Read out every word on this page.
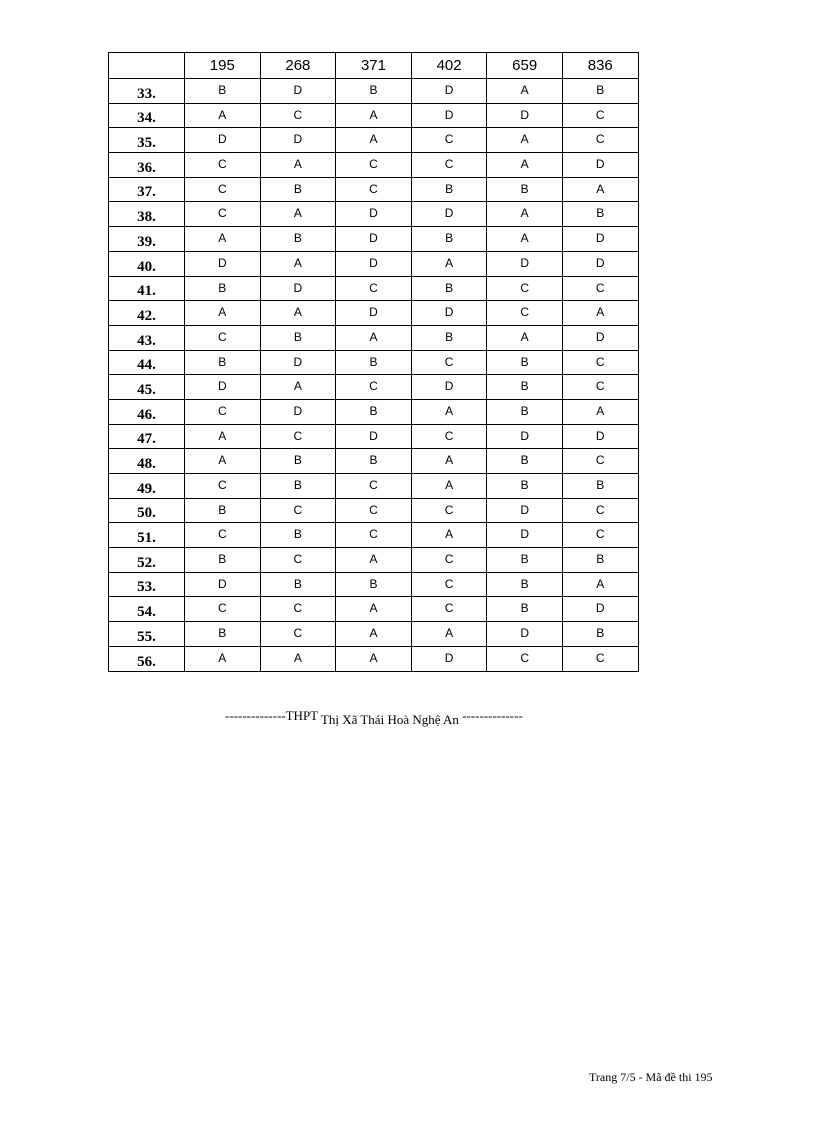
	195	268	371	402	659	836
33.	B	D	B	D	A	B
34.	A	C	A	D	D	C
35.	D	D	A	C	A	C
36.	C	A	C	C	A	D
37.	C	B	C	B	B	A
38.	C	A	D	D	A	B
39.	A	B	D	B	A	D
40.	D	A	D	A	D	D
41.	B	D	C	B	C	C
42.	A	A	D	D	C	A
43.	C	B	A	B	A	D
44.	B	D	B	C	B	C
45.	D	A	C	D	B	C
46.	C	D	B	A	B	A
47.	A	C	D	C	D	D
48.	A	B	B	A	B	C
49.	C	B	C	A	B	B
50.	B	C	C	C	D	C
51.	C	B	C	A	D	C
52.	B	C	A	C	B	B
53.	D	B	B	C	B	A
54.	C	C	A	C	B	D
55.	B	C	A	A	D	B
56.	A	A	A	D	C	C
--------------THPT Thị Xã Thái Hoà Nghệ An --------------
Trang 7/5 - Mã đề thi 195
